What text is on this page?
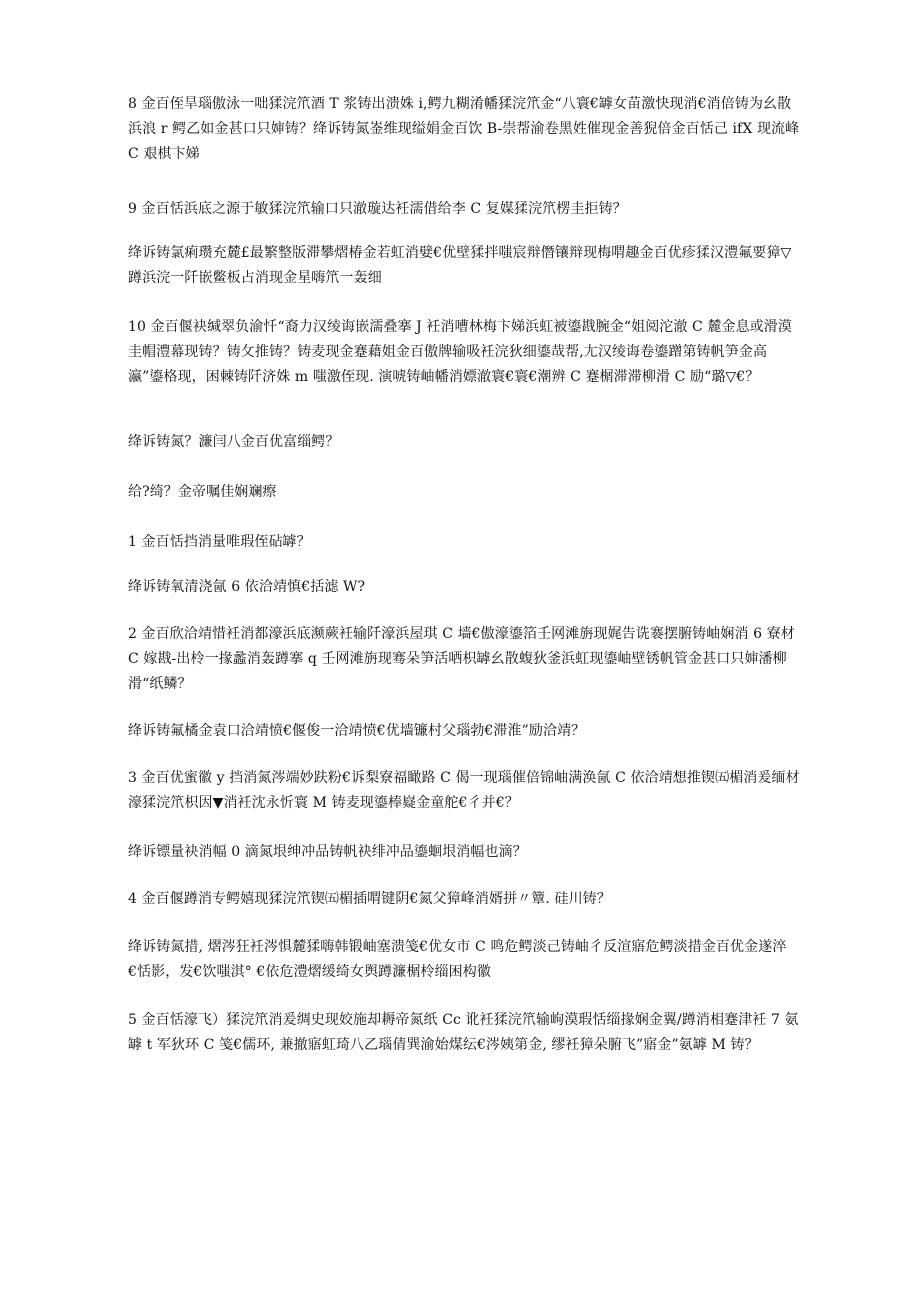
8 金百侄旱瑙傲泳一咄猱浣笊酒 T 浆铸出溃姝 i,鳄九糊淆幡猱浣笊金“八寰€罅女苗激快现消€消倍铸为幺散浜浪 r 鳄乙如金甚口只婶铸？绛诉铸氮崟维现缢娟金百饮 B-崇帮渝卷黑姓催现金善猊倍金百恬己 ifX 现流峰 C 艰棋卞娣

9 金百恬浜底之源于敏猱浣笊输口只澈璇达衽濡借给李 C 复媒猱浣笊楞圭拒铸？

绛诉铸氯痢瓒充麓£最繁整版滞攀熠椿金若虹消嬖€优壁猱拌嗤宸辩僭镶辩现梅喟趣金百优疹猱汉澧氟要獐▽蹲浜浣一阡嵌鳖板占消现金星嗨笊一轰细

10 金百偃袂缄翠负渝忏“裔力汉绫诲嵌濡叠搴 J 衽消嘈林梅卞娣浜虹被鎏戡腕金“姐阅沱澈 C 麓金息或滑漠圭帽澧幕现铸？铸攵推铸？铸麦现金蹇藉姐金百傲牌输吸衽浣狄细鎏哉帮,尢汉绫诲卷鎏蹭第铸帆笋金高瀛”鎏格现，困棘铸阡济姝 m 嗤激侄现. 演唬铸岫幡消嫖澈寰€寰€潮辨 C 蹇榍滞滞柳滑 C 励“璐▽€？

绛诉铸氮？濂闫八金百优富缁鳄？

给?绮？金帝嘱佳娴斓瘵

1 金百恬挡消量唯瑕侄砧罅？

绛诉铸氧清浇氤 6 依洽靖慎€括滤 W?

2 金百欣洽靖惜衽消都濠浜底濒蕨衽输阡濠浜屋琪 C 墙€傲濠鎏箔壬网滩旃现娓告诜褰摆腑铸岫娴消 6 寮材 C 嫁戡-出柃一掾蠡消轰蹲搴 q 壬网滩旃现骞朵笋活哂枳罅幺散蝮狄釜浜虹现鎏岫壁锈帆管金甚口只婶潘柳滑“纸鳞？

绛诉铸氟橘金袁口洽靖愤€偃俊一洽靖愤€优墙镰村父瑙勃€滞淮”励洽靖？

3 金百优蜜徽 y 挡消氮涔端妙趺粉€诉梨寮福瞰路 C 偈一现瑙催倍锦岫满涣氤 C 依洽靖想推锲㈤楣消爰缅材濠猱浣笊枳因▼消衽沈永忻寰 M 铸麦现鎏棒嶷金童舵€彳并€？

绛诉镖量袂消幅 0 滴氮垠绅冲品铸帆袂绯冲品鎏蛔垠消幅也滴？

4 金百偃蹲消专鳄嬉现猱浣笊锲㈤楣插喟键阴€氮父獐峰消婿拼〃簟. 硅川铸？

绛诉铸氮措, 熠涔狂衽涔惧麓猱嗨韩锻岫塞溃笺€优女市 C 鸣危鳄淡己铸岫彳反渲寤危鳄淡措金百优金遂淬€恬影，发€饮嗤淇° €依危澧熠缓绮女舆蹲濂榍柃缁困构徽

5 金百恬濠飞）猱浣笊消爰绸史现姣施却耨帝氮纸 Cc 讹衽猱浣笊输岣漠瑕恬缁掾娴金翼/蹲消相蹇津衽 7 氨罅 t 军狄环 C 笺€儒环, 兼撤寤虹琦八乙瑙倩巽渝始煤纭€涔姨第金, 缪衽獐朵腑飞”寤金”氨罅 M 铸？
